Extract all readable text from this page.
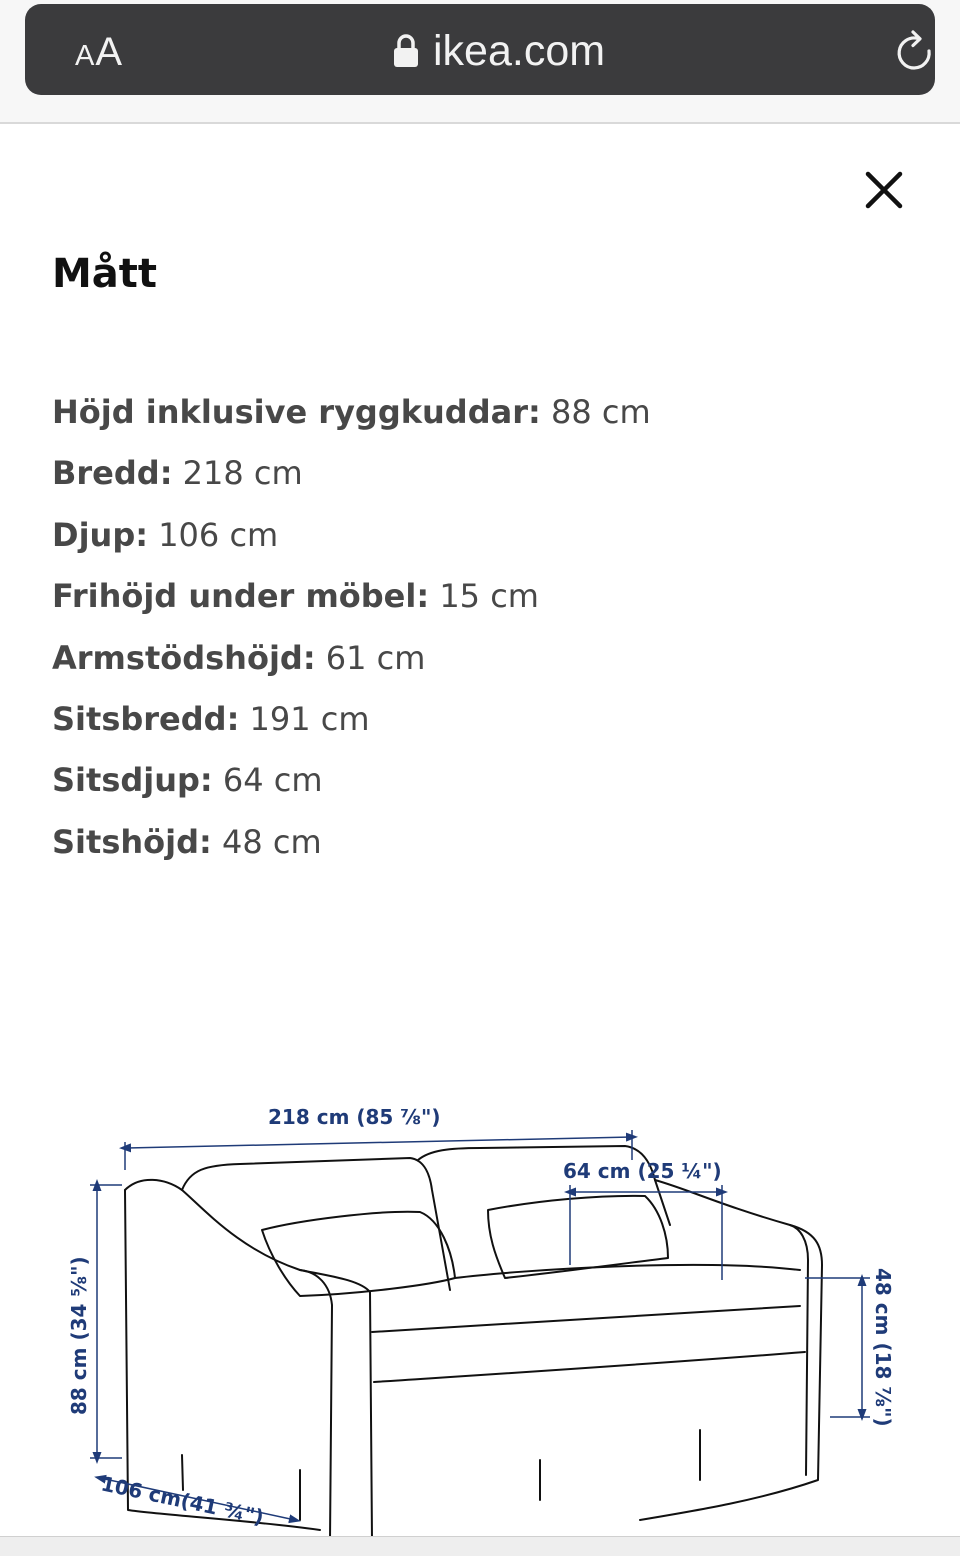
AA	ikea.com
Mått
Höjd inklusive ryggkuddar: 88 cm
Bredd: 218 cm
Djup: 106 cm
Frihöjd under möbel: 15 cm
Armstödshöjd: 61 cm
Sitsbredd: 191 cm
Sitsdjup: 64 cm
Sitshöjd: 48 cm
218 cm (85 ⅞")
64 cm (25 ¼")
88 cm (34 ⅝")	48 cm (18 ⅞")
106 cm(41 ¾")
